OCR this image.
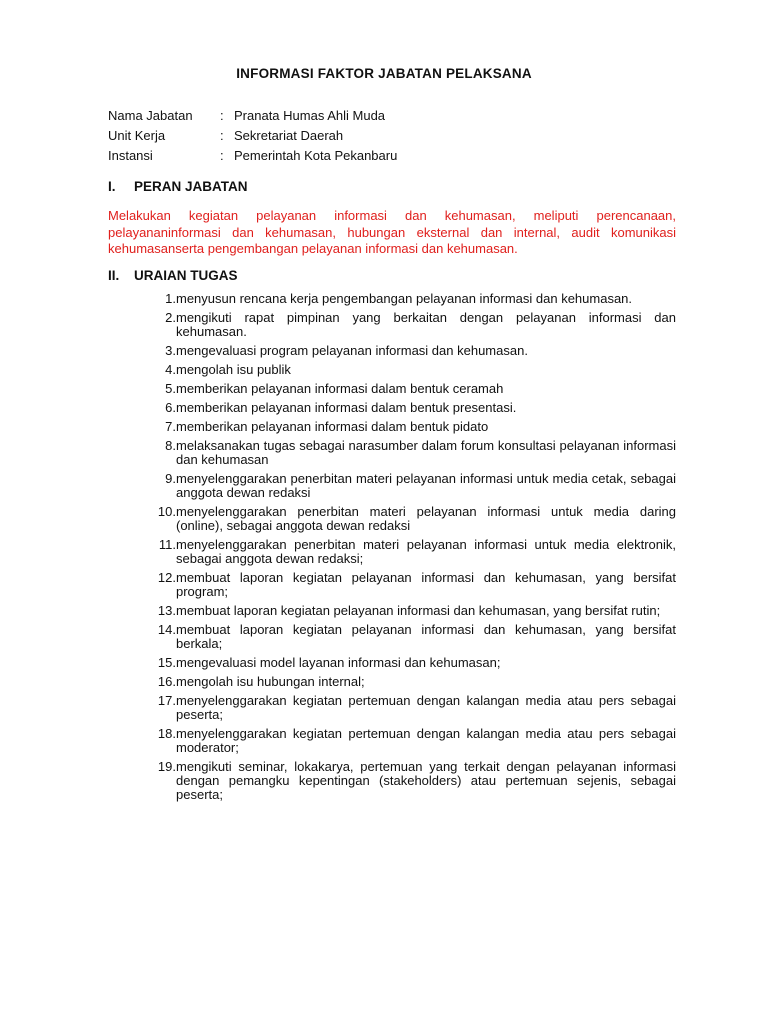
INFORMASI FAKTOR JABATAN PELAKSANA
Nama Jabatan	: Pranata Humas Ahli Muda
Unit Kerja	: Sekretariat Daerah
Instansi	: Pemerintah Kota Pekanbaru
I.	PERAN JABATAN
Melakukan kegiatan pelayanan informasi dan kehumasan, meliputi perencanaan, pelayananinformasi dan kehumasan, hubungan eksternal dan internal, audit komunikasi kehumasanserta pengembangan pelayanan informasi dan kehumasan.
II.	URAIAN TUGAS
1. menyusun rencana kerja pengembangan pelayanan informasi dan kehumasan.
2. mengikuti rapat pimpinan yang berkaitan dengan pelayanan informasi dan kehumasan.
3. mengevaluasi program pelayanan informasi dan kehumasan.
4. mengolah isu publik
5. memberikan pelayanan informasi dalam bentuk ceramah
6. memberikan pelayanan informasi dalam bentuk presentasi.
7. memberikan pelayanan informasi dalam bentuk pidato
8. melaksanakan tugas sebagai narasumber dalam forum konsultasi pelayanan informasi dan kehumasan
9. menyelenggarakan penerbitan materi pelayanan informasi untuk media cetak, sebagai anggota dewan redaksi
10. menyelenggarakan penerbitan materi pelayanan informasi untuk media daring (online), sebagai anggota dewan redaksi
11. menyelenggarakan penerbitan materi pelayanan informasi untuk media elektronik, sebagai anggota dewan redaksi;
12. membuat laporan kegiatan pelayanan informasi dan kehumasan, yang bersifat program;
13. membuat laporan kegiatan pelayanan informasi dan kehumasan, yang bersifat rutin;
14. membuat laporan kegiatan pelayanan informasi dan kehumasan, yang bersifat berkala;
15. mengevaluasi model layanan informasi dan kehumasan;
16. mengolah isu hubungan internal;
17. menyelenggarakan kegiatan pertemuan dengan kalangan media atau pers sebagai peserta;
18. menyelenggarakan kegiatan pertemuan dengan kalangan media atau pers sebagai moderator;
19. mengikuti seminar, lokakarya, pertemuan yang terkait dengan pelayanan informasi dengan pemangku kepentingan (stakeholders) atau pertemuan sejenis, sebagai peserta;
